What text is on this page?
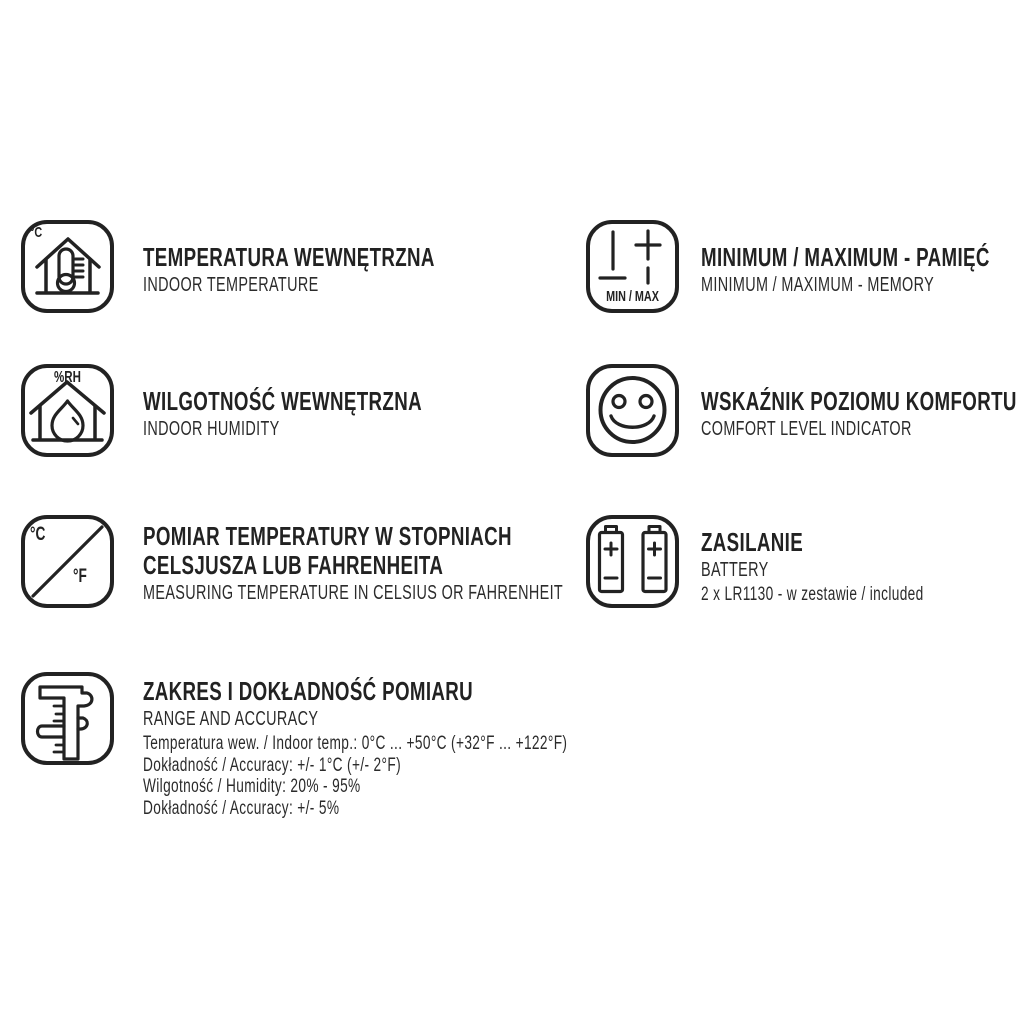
°C
TEMPERATURA WEWNĘTRZNA
INDOOR TEMPERATURE
%RH
WILGOTNOŚĆ WEWNĘTRZNA
INDOOR HUMIDITY
°C
°F
POMIAR TEMPERATURY W STOPNIACH
CELSJUSZA LUB FAHRENHEITA
MEASURING TEMPERATURE IN CELSIUS OR FAHRENHEIT
ZAKRES I DOKŁADNOŚĆ POMIARU
RANGE AND ACCURACY
Temperatura wew. / Indoor temp.: 0°C ... +50°C (+32°F ... +122°F)
Dokładność / Accuracy: +/- 1°C (+/- 2°F)
Wilgotność / Humidity: 20% - 95%
Dokładność / Accuracy: +/- 5%
MIN / MAX
MINIMUM / MAXIMUM - PAMIĘĆ
MINIMUM / MAXIMUM - MEMORY
WSKAŹNIK POZIOMU KOMFORTU
COMFORT LEVEL INDICATOR
ZASILANIE
BATTERY
2 x LR1130 - w zestawie / included
